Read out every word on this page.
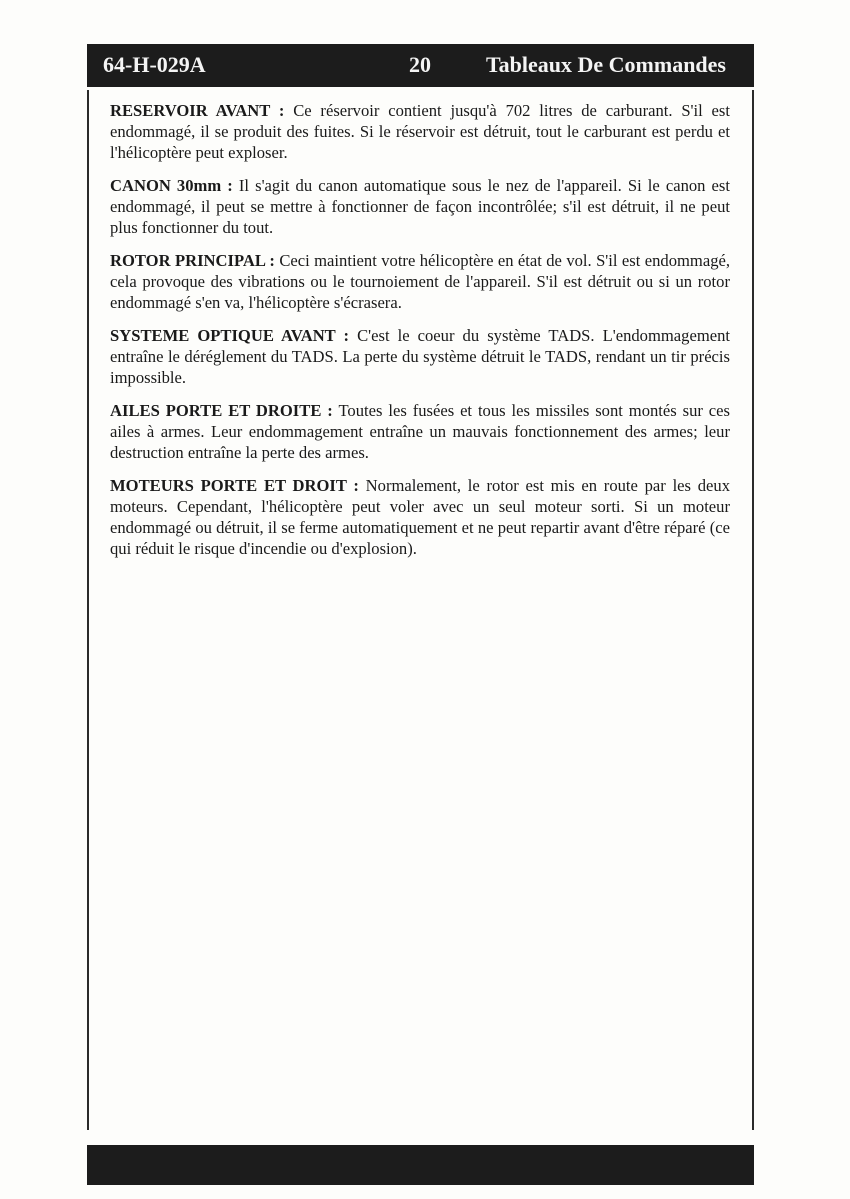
64-H-029A	20	Tableaux De Commandes

RESERVOIR AVANT : Ce réservoir contient jusqu'à 702 litres de carburant. S'il est endommagé, il se produit des fuites. Si le réservoir est détruit, tout le carburant est perdu et l'hélicoptère peut exploser.

CANON 30mm : Il s'agit du canon automatique sous le nez de l'appareil. Si le canon est endommagé, il peut se mettre à fonctionner de façon incontrôlée; s'il est détruit, il ne peut plus fonctionner du tout.

ROTOR PRINCIPAL : Ceci maintient votre hélicoptère en état de vol. S'il est endommagé, cela provoque des vibrations ou le tournoiement de l'appareil. S'il est détruit ou si un rotor endommagé s'en va, l'hélicoptère s'écrasera.

SYSTEME OPTIQUE AVANT : C'est le coeur du système TADS. L'endommagement entraîne le déréglement du TADS. La perte du système détruit le TADS, rendant un tir précis impossible.

AILES PORTE ET DROITE : Toutes les fusées et tous les missiles sont montés sur ces ailes à armes. Leur endommagement entraîne un mauvais fonctionnement des armes; leur destruction entraîne la perte des armes.

MOTEURS PORTE ET DROIT : Normalement, le rotor est mis en route par les deux moteurs. Cependant, l'hélicoptère peut voler avec un seul moteur sorti. Si un moteur endommagé ou détruit, il se ferme automatiquement et ne peut repartir avant d'être réparé (ce qui réduit le risque d'incendie ou d'explosion).
